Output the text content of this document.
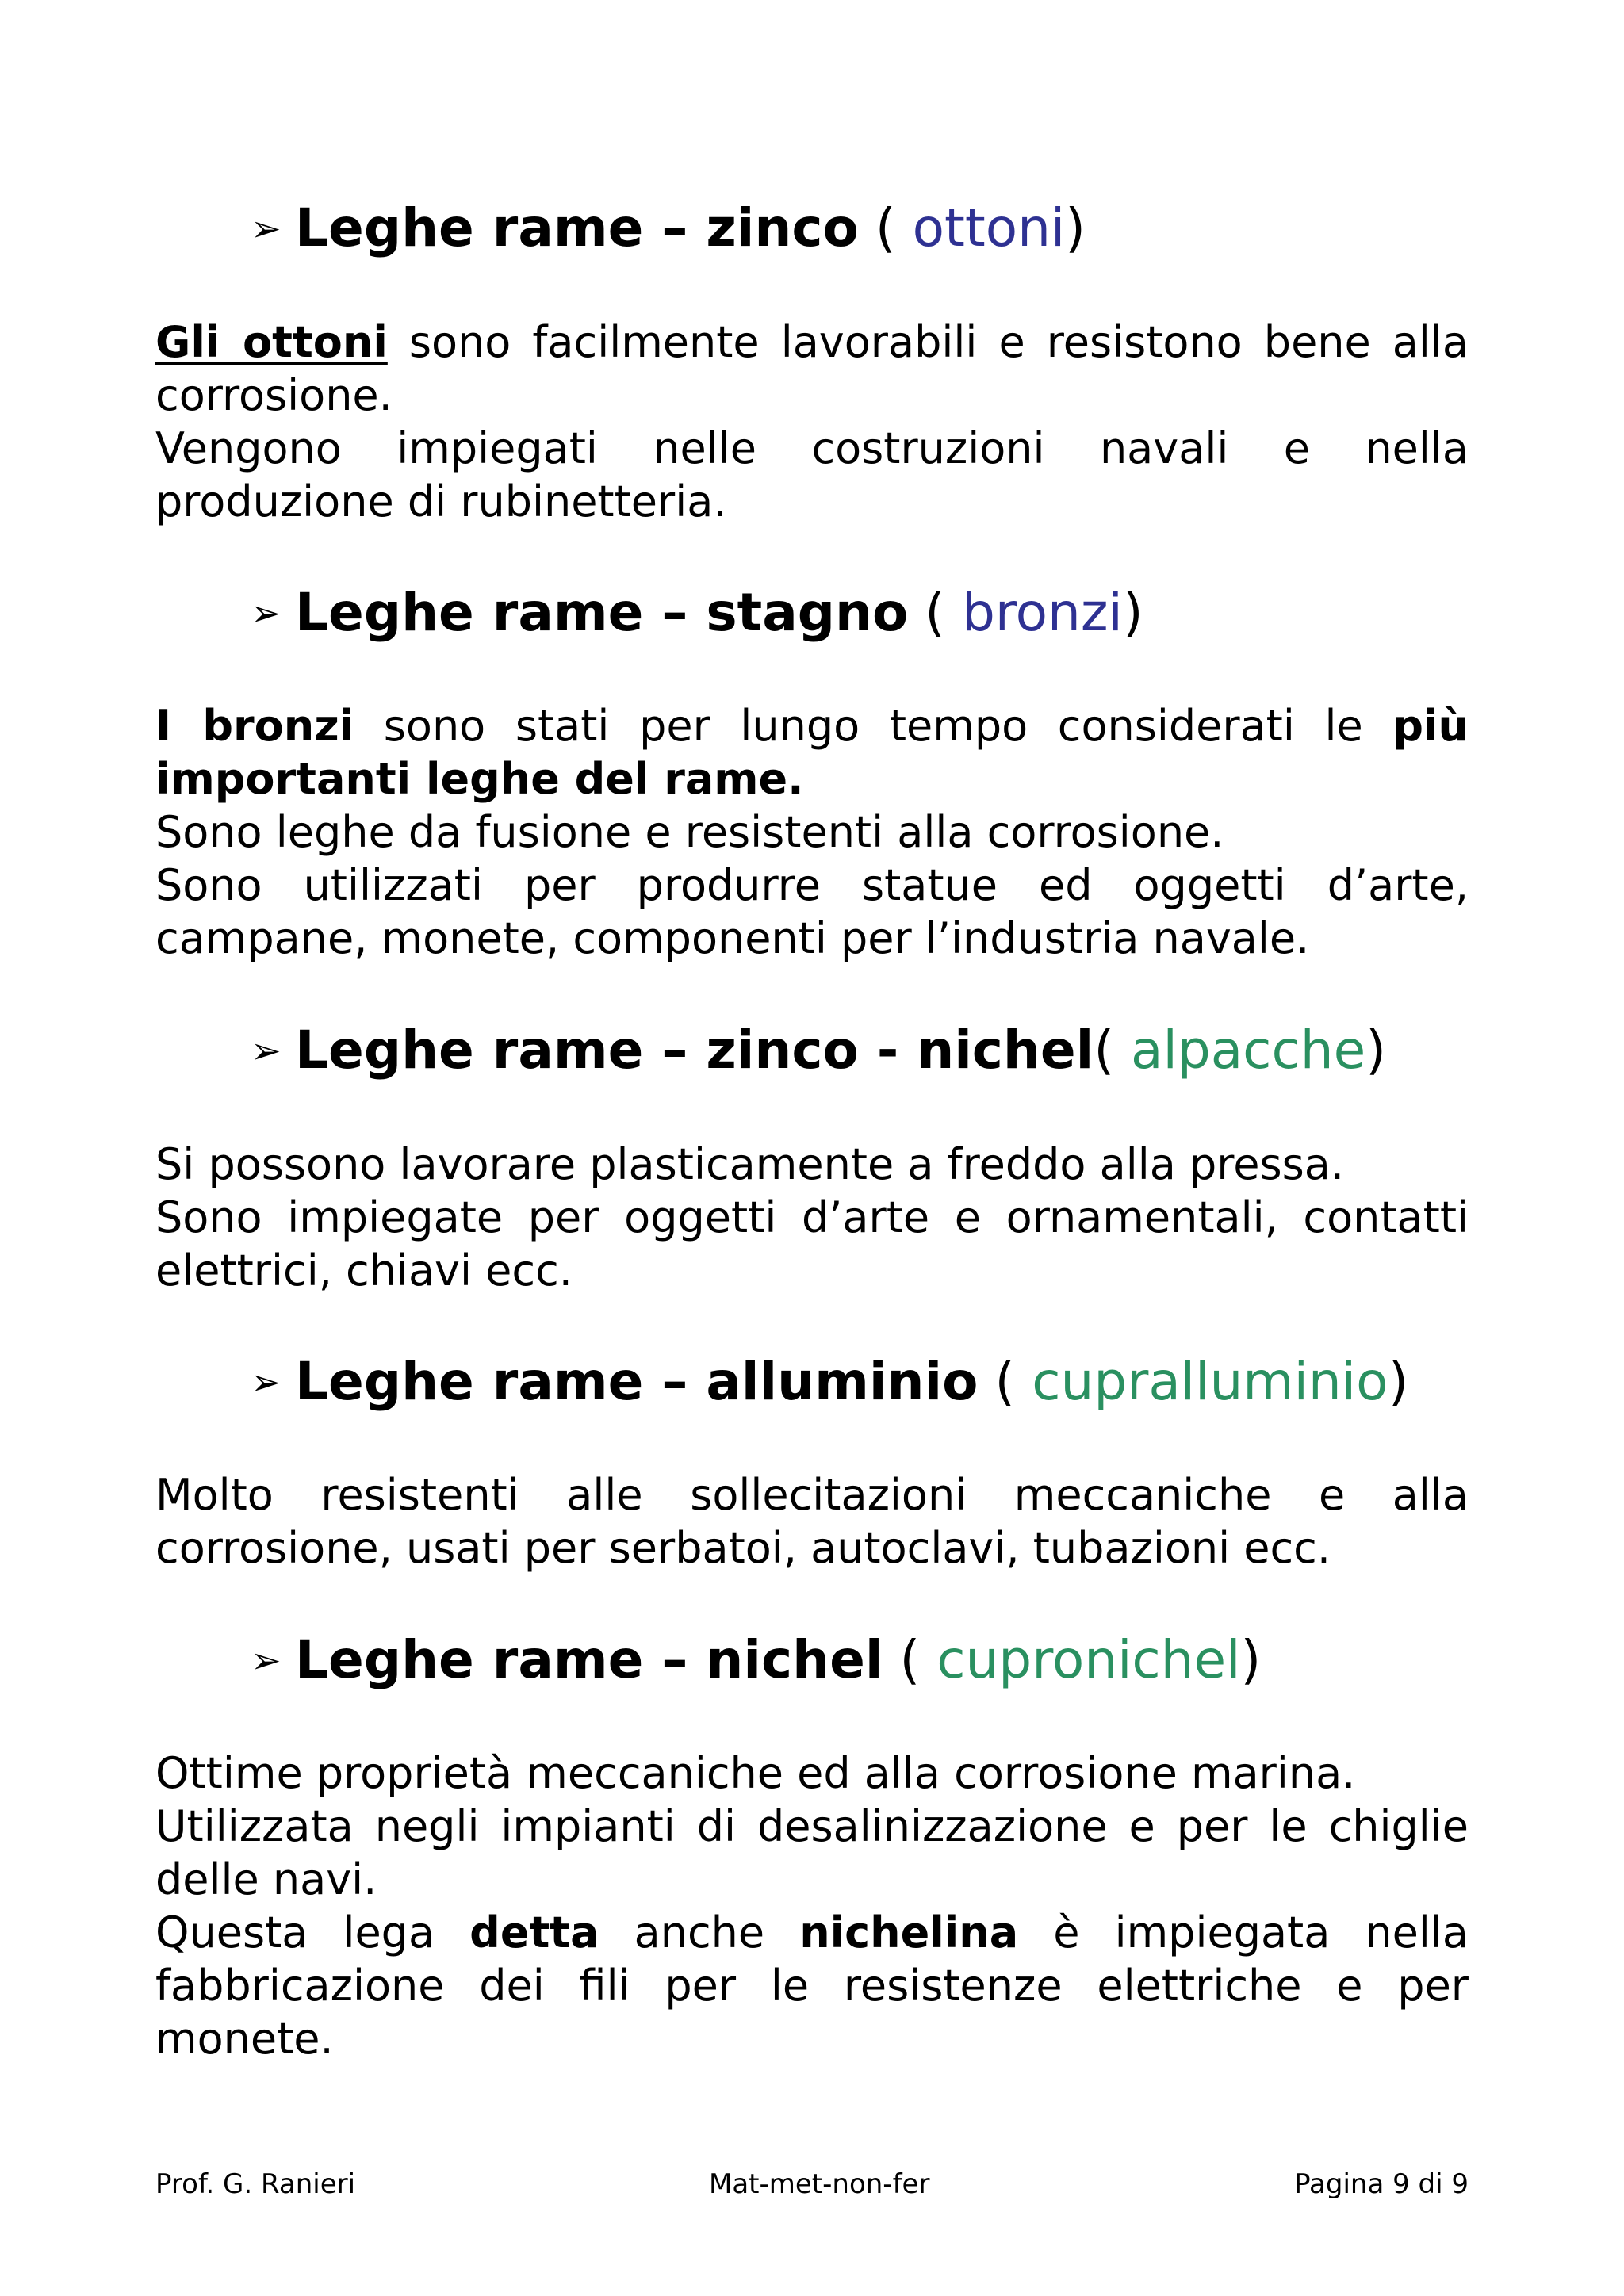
➢ Leghe rame – zinco ( ottoni)
Gli ottoni sono facilmente lavorabili e resistono bene alla
corrosione.
Vengono impiegati nelle costruzioni navali e nella
produzione di rubinetteria.
➢ Leghe rame – stagno ( bronzi)
I bronzi sono stati per lungo tempo considerati le più
importanti leghe del rame.
Sono leghe da fusione e resistenti alla corrosione.
Sono utilizzati per produrre statue ed oggetti d’arte,
campane, monete, componenti per l’industria navale.
➢ Leghe rame – zinco - nichel( alpacche)
Si possono lavorare plasticamente a freddo alla pressa.
Sono impiegate per oggetti d’arte e ornamentali, contatti
elettrici, chiavi ecc.
➢ Leghe rame – alluminio ( cupralluminio)
Molto resistenti alle sollecitazioni meccaniche e alla
corrosione, usati per serbatoi, autoclavi, tubazioni ecc.
➢ Leghe rame – nichel ( cupronichel)
Ottime proprietà meccaniche ed alla corrosione marina.
Utilizzata negli impianti di desalinizzazione e per le chiglie
delle navi.
Questa lega detta anche nichelina è impiegata nella
fabbricazione dei fili per le resistenze elettriche e per
monete.
Prof. G. Ranieri	Mat-met-non-fer	Pagina 9 di 9
